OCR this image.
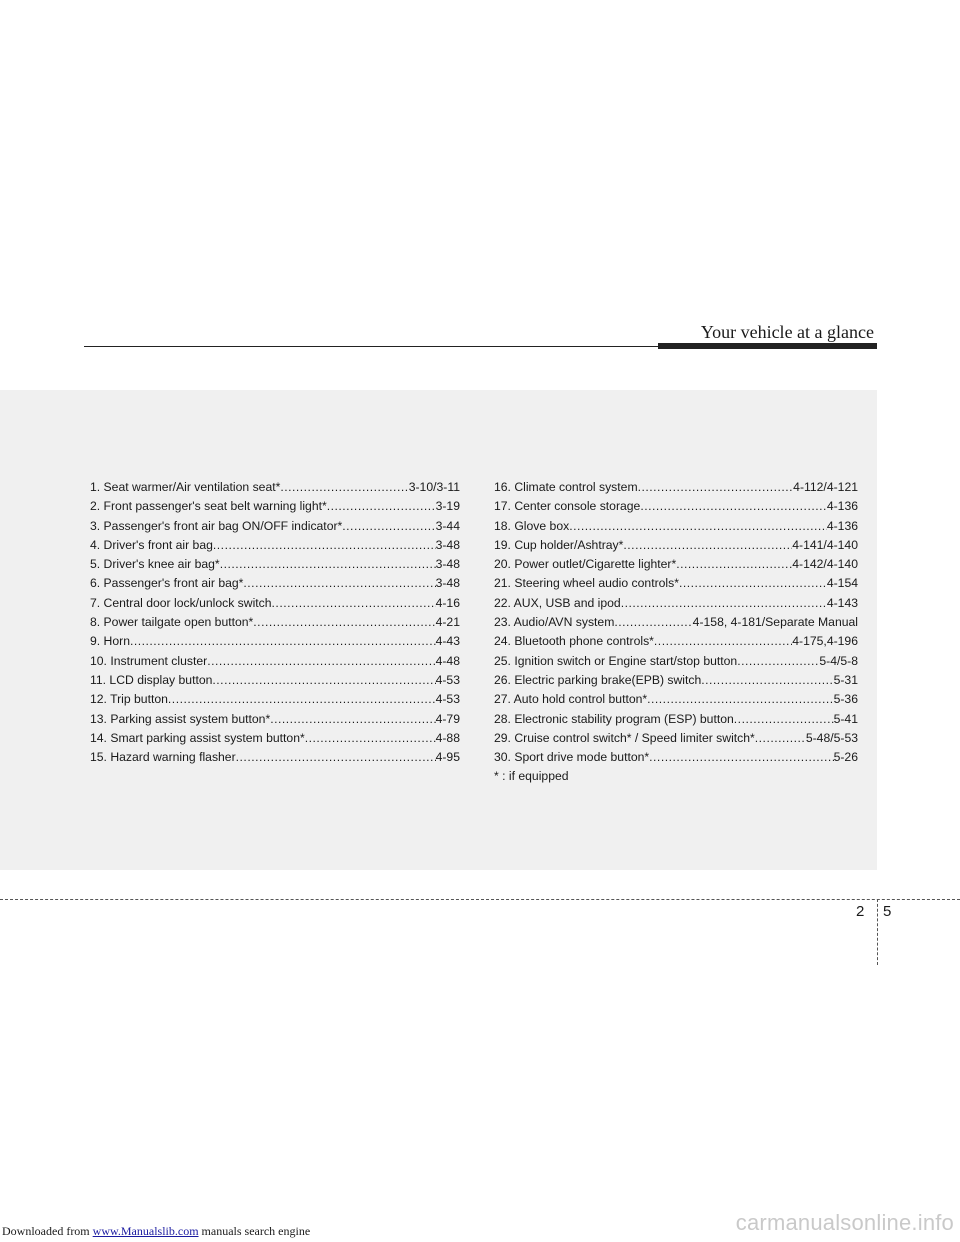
Your vehicle at a glance
1. Seat warmer/Air ventilation seat* .....	3-10/3-11
2. Front passenger's seat belt warning light* .....	3-19
3. Passenger's front air bag ON/OFF indicator* .....	3-44
4. Driver's front air bag .....	3-48
5. Driver's knee air bag* .....	3-48
6. Passenger's front air bag* .....	3-48
7. Central door lock/unlock switch .....	4-16
8. Power tailgate open button* .....	4-21
9. Horn .....	4-43
10. Instrument cluster .....	4-48
11. LCD display button .....	4-53
12. Trip button .....	4-53
13. Parking assist system button* .....	4-79
14. Smart parking assist system button* .....	4-88
15. Hazard warning flasher .....	4-95
16. Climate control system .....	4-112/4-121
17. Center console storage .....	4-136
18. Glove box .....	4-136
19. Cup holder/Ashtray* .....	4-141/4-140
20. Power outlet/Cigarette lighter* .....	4-142/4-140
21. Steering wheel audio controls* .....	4-154
22. AUX, USB and ipod .....	4-143
23. Audio/AVN system .....	4-158, 4-181/Separate Manual
24. Bluetooth phone controls* .....	4-175,4-196
25. Ignition switch or Engine start/stop button .....	5-4/5-8
26. Electric parking brake(EPB) switch .....	5-31
27. Auto hold control button* .....	5-36
28. Electronic stability program (ESP) button .....	5-41
29. Cruise control switch* / Speed limiter switch* .....	5-48/5-53
30. Sport drive mode button* .....	5-26
* : if equipped
2 5
Downloaded from www.Manualslib.com manuals search engine	carmanualsonline.info
